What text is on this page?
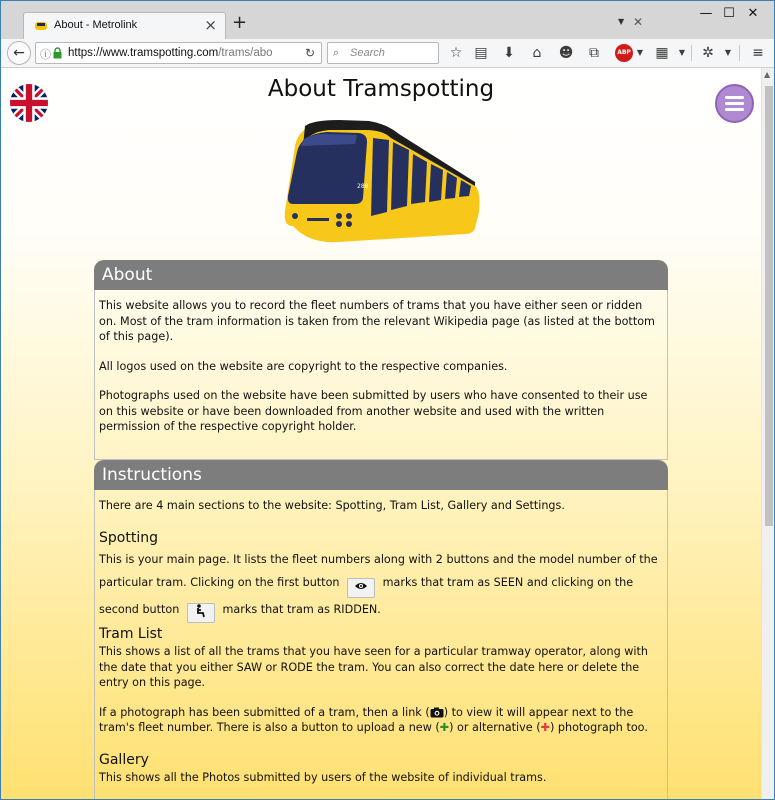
About - Metrolink	× +	▼ ✕
— ☐ ✕
←	ⓘ https://www.tramspotting.com/trams/abo	↻ ⌕ Search	☆ ▤ ⬇	⌂	☻ ⧉	ABP ▼ ▦	▼	✲	▼	≡
About Tramspotting
288
About

This website allows you to record the fleet numbers of trams that you have either seen or ridden on. Most of the tram information is taken from the relevant Wikipedia page (as listed at the bottom of this page).

All logos used on the website are copyright to the respective companies.

Photographs used on the website have been submitted by users who have consented to their use on this website or have been downloaded from another website and used with the written permission of the respective copyright holder.

Instructions
There are 4 main sections to the website: Spotting, Tram List, Gallery and Settings.
Spotting
This is your main page. It lists the fleet numbers along with 2 buttons and the model number of the particular tram. Clicking on the first button	marks that tram as SEEN and clicking on the second button	marks that tram as RIDDEN.
Tram List

This shows a list of all the trams that you have seen for a particular tramway operator, along with the date that you either SAW or RODE the tram. You can also correct the date here or delete the entry on this page.

If a photograph has been submitted of a tram, then a link ( ) to view it will appear next to the tram's fleet number. There is also a button to upload a new (✚) or alternative (✚) photograph too.

Gallery
This shows all the Photos submitted by users of the website of individual trams.
▲
